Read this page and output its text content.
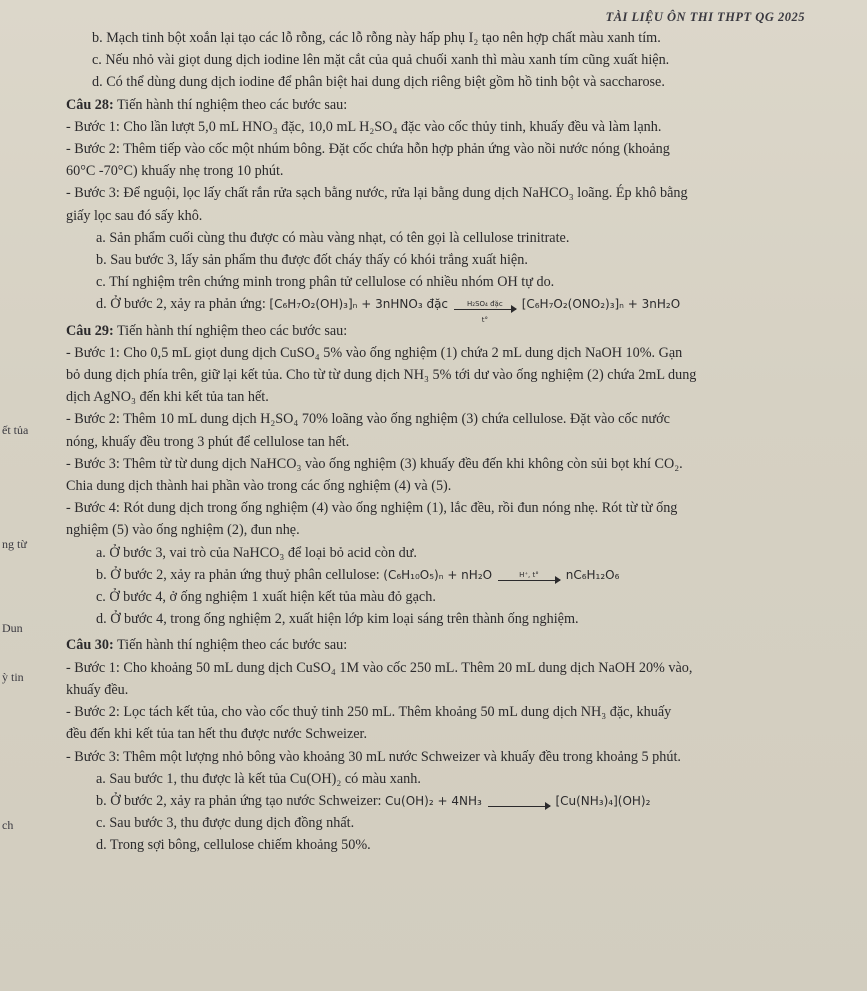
ết tủa
ng từ
Dun
ỳ tin
ch
TÀI LIỆU ÔN THI THPT QG 2025
b. Mạch tinh bột xoắn lại tạo các lỗ rỗng, các lỗ rỗng này hấp phụ I₂ tạo nên hợp chất màu xanh tím.
c. Nếu nhỏ vài giọt dung dịch iodine lên mặt cắt của quả chuối xanh thì màu xanh tím cũng xuất hiện.
d. Có thể dùng dung dịch iodine để phân biệt hai dung dịch riêng biệt gồm hồ tinh bột và saccharose.
Câu 28: Tiến hành thí nghiệm theo các bước sau:
- Bước 1: Cho lần lượt 5,0 mL HNO₃ đặc, 10,0 mL H₂SO₄ đặc vào cốc thủy tinh, khuấy đều và làm lạnh.
- Bước 2: Thêm tiếp vào cốc một nhúm bông. Đặt cốc chứa hỗn hợp phản ứng vào nồi nước nóng (khoảng
60°C -70°C) khuấy nhẹ trong 10 phút.
- Bước 3: Để nguội, lọc lấy chất rắn rửa sạch bằng nước, rửa lại bằng dung dịch NaHCO₃ loãng. Ép khô bằng
giấy lọc sau đó sấy khô.
a. Sản phẩm cuối cùng thu được có màu vàng nhạt, có tên gọi là cellulose trinitrate.
b. Sau bước 3, lấy sản phẩm thu được đốt cháy thấy có khói trắng xuất hiện.
c. Thí nghiệm trên chứng minh trong phân tử cellulose có nhiều nhóm OH tự do.
d. Ở bước 2, xảy ra phản ứng: [C₆H₇O₂(OH)₃]ₙ + 3nHNO₃ đặc	H₂SO₄ đặc
t°
[C₆H₇O₂(ONO₂)₃]ₙ + 3nH₂O
Câu 29: Tiến hành thí nghiệm theo các bước sau:
- Bước 1: Cho 0,5 mL giọt dung dịch CuSO₄ 5% vào ống nghiệm (1) chứa 2 mL dung dịch NaOH 10%. Gạn
bỏ dung dịch phía trên, giữ lại kết tủa. Cho từ từ dung dịch NH₃ 5% tới dư vào ống nghiệm (2) chứa 2mL dung
dịch AgNO₃ đến khi kết tủa tan hết.
- Bước 2: Thêm 10 mL dung dịch H₂SO₄ 70% loãng vào ống nghiệm (3) chứa cellulose. Đặt vào cốc nước
nóng, khuấy đều trong 3 phút để cellulose tan hết.
- Bước 3: Thêm từ từ dung dịch NaHCO₃ vào ống nghiệm (3) khuấy đều đến khi không còn sủi bọt khí CO₂.
Chia dung dịch thành hai phần vào trong các ống nghiệm (4) và (5).
- Bước 4: Rót dung dịch trong ống nghiệm (4) vào ống nghiệm (1), lắc đều, rồi đun nóng nhẹ. Rót từ từ ống
nghiệm (5) vào ống nghiệm (2), đun nhẹ.
a. Ở bước 3, vai trò của NaHCO₃ để loại bỏ acid còn dư.
b. Ở bước 2, xảy ra phản ứng thuỷ phân cellulose: (C₆H₁₀O₅)ₙ + nH₂O	H⁺, t°	nC₆H₁₂O₆
c. Ở bước 4, ở ống nghiệm 1 xuất hiện kết tủa màu đỏ gạch.
d. Ở bước 4, trong ống nghiệm 2, xuất hiện lớp kim loại sáng trên thành ống nghiệm.
Câu 30: Tiến hành thí nghiệm theo các bước sau:
- Bước 1: Cho khoảng 50 mL dung dịch CuSO₄ 1M vào cốc 250 mL. Thêm 20 mL dung dịch NaOH 20% vào,
khuấy đều.
- Bước 2: Lọc tách kết tủa, cho vào cốc thuỷ tinh 250 mL. Thêm khoảng 50 mL dung dịch NH₃ đặc, khuấy
đều đến khi kết tủa tan hết thu được nước Schweizer.
- Bước 3: Thêm một lượng nhỏ bông vào khoảng 30 mL nước Schweizer và khuấy đều trong khoảng 5 phút.
a. Sau bước 1, thu được là kết tủa Cu(OH)₂ có màu xanh.
b. Ở bước 2, xảy ra phản ứng tạo nước Schweizer: Cu(OH)₂ + 4NH₃	[Cu(NH₃)₄](OH)₂
c. Sau bước 3, thu được dung dịch đồng nhất.
d. Trong sợi bông, cellulose chiếm khoảng 50%.
